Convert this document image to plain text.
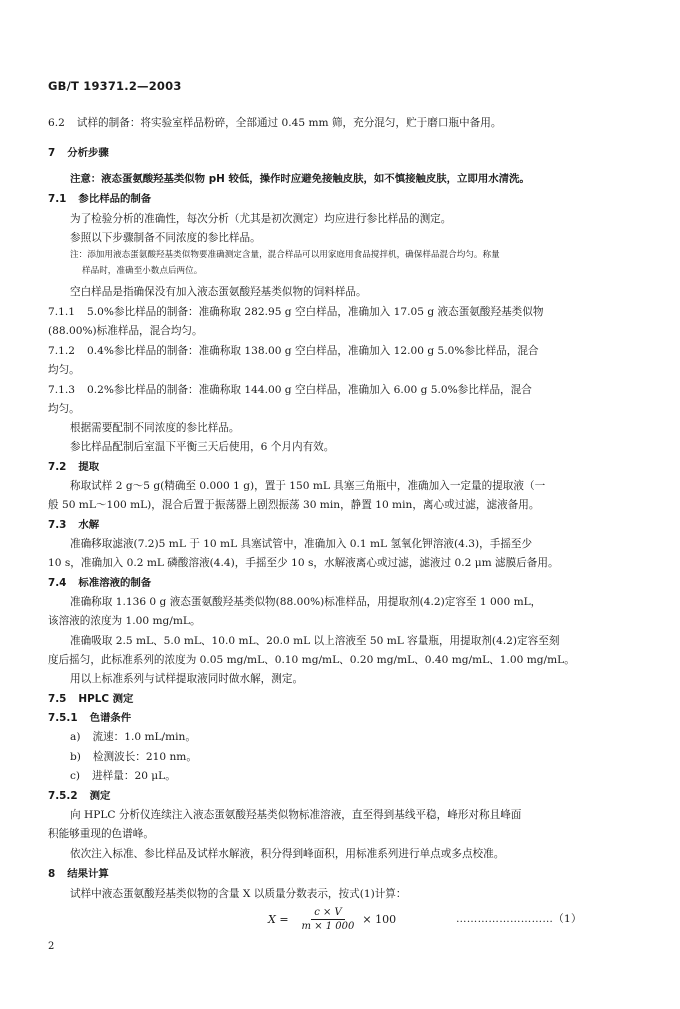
GB/T 19371.2—2003
6.2 试样的制备：将实验室样品粉碎，全部通过 0.45 mm 筛，充分混匀，贮于磨口瓶中备用。
7 分析步骤
注意：液态蛋氨酸羟基类似物 pH 较低，操作时应避免接触皮肤，如不慎接触皮肤，立即用水清洗。
7.1 参比样品的制备
为了检验分析的准确性，每次分析（尤其是初次测定）均应进行参比样品的测定。
参照以下步骤制备不同浓度的参比样品。
注：添加用液态蛋氨酸羟基类似物要准确测定含量，混合样品可以用家庭用食品搅拌机，确保样品混合均匀。称量
样品时，准确至小数点后两位。
空白样品是指确保没有加入液态蛋氨酸羟基类似物的饲料样品。
7.1.1 5.0%参比样品的制备：准确称取 282.95 g 空白样品，准确加入 17.05 g 液态蛋氨酸羟基类似物
(88.00%)标准样品，混合均匀。
7.1.2 0.4%参比样品的制备：准确称取 138.00 g 空白样品，准确加入 12.00 g 5.0%参比样品，混合
均匀。
7.1.3 0.2%参比样品的制备：准确称取 144.00 g 空白样品，准确加入 6.00 g 5.0%参比样品，混合
均匀。
根据需要配制不同浓度的参比样品。
参比样品配制后室温下平衡三天后使用，6 个月内有效。
7.2 提取
称取试样 2 g～5 g(精确至 0.000 1 g)，置于 150 mL 具塞三角瓶中，准确加入一定量的提取液（一
般 50 mL～100 mL)，混合后置于振荡器上剧烈振荡 30 min，静置 10 min，离心或过滤，滤液备用。
7.3 水解
准确移取滤液(7.2)5 mL 于 10 mL 具塞试管中，准确加入 0.1 mL 氢氧化钾溶液(4.3)，手摇至少
10 s，准确加入 0.2 mL 磷酸溶液(4.4)，手摇至少 10 s，水解液离心或过滤，滤液过 0.2 μm 滤膜后备用。
7.4 标准溶液的制备
准确称取 1.136 0 g 液态蛋氨酸羟基类似物(88.00%)标准样品，用提取剂(4.2)定容至 1 000 mL，
该溶液的浓度为 1.00 mg/mL。
准确吸取 2.5 mL、5.0 mL、10.0 mL、20.0 mL 以上溶液至 50 mL 容量瓶，用提取剂(4.2)定容至刻
度后摇匀，此标准系列的浓度为 0.05 mg/mL、0.10 mg/mL、0.20 mg/mL、0.40 mg/mL、1.00 mg/mL。
用以上标准系列与试样提取液同时做水解，测定。
7.5 HPLC 测定
7.5.1 色谱条件
a) 流速：1.0 mL/min。
b) 检测波长：210 nm。
c) 进样量：20 μL。
7.5.2 测定
向 HPLC 分析仪连续注入液态蛋氨酸羟基类似物标准溶液，直至得到基线平稳，峰形对称且峰面
积能够重现的色谱峰。
依次注入标准、参比样品及试样水解液，积分得到峰面积，用标准系列进行单点或多点校准。
8 结果计算
试样中液态蛋氨酸羟基类似物的含量 X 以质量分数表示，按式(1)计算：
$X = \frac{c \times V}{m \times 1 000} \times 100$	………………………（1）
2
